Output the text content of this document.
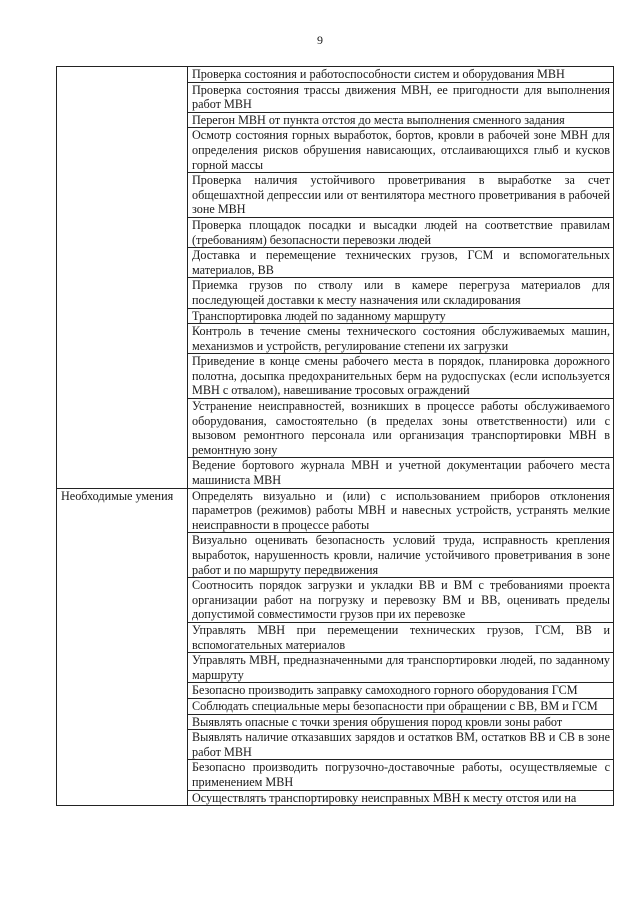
9
	Проверка состояния и работоспособности систем и оборудования МВН
	Проверка состояния трассы движения МВН, ее пригодности для выполнения работ МВН
	Перегон МВН от пункта отстоя до места выполнения сменного задания
	Осмотр состояния горных выработок, бортов, кровли в рабочей зоне МВН для определения рисков обрушения нависающих, отслаивающихся глыб и кусков горной массы
	Проверка наличия устойчивого проветривания в выработке за счет общешахтной депрессии или от вентилятора местного проветривания в рабочей зоне МВН
	Проверка площадок посадки и высадки людей на соответствие правилам (требованиям) безопасности перевозки людей
	Доставка и перемещение технических грузов, ГСМ и вспомогательных материалов, ВВ
	Приемка грузов по стволу или в камере перегруза материалов для последующей доставки к месту назначения или складирования
	Транспортировка людей по заданному маршруту
	Контроль в течение смены технического состояния обслуживаемых машин, механизмов и устройств, регулирование степени их загрузки
	Приведение в конце смены рабочего места в порядок, планировка дорожного полотна, досыпка предохранительных берм на рудоспусках (если используется МВН с отвалом), навешивание тросовых ограждений
	Устранение неисправностей, возникших в процессе работы обслуживаемого оборудования, самостоятельно (в пределах зоны ответственности) или с вызовом ремонтного персонала или организация транспортировки МВН в ремонтную зону
	Ведение бортового журнала МВН и учетной документации рабочего места машиниста МВН
Необходимые умения	Определять визуально и (или) с использованием приборов отклонения параметров (режимов) работы МВН и навесных устройств, устранять мелкие неисправности в процессе работы
	Визуально оценивать безопасность условий труда, исправность крепления выработок, нарушенность кровли, наличие устойчивого проветривания в зоне работ и по маршруту передвижения
	Соотносить порядок загрузки и укладки ВВ и ВМ с требованиями проекта организации работ на погрузку и перевозку ВМ и ВВ, оценивать пределы допустимой совместимости грузов при их перевозке
	Управлять МВН при перемещении технических грузов, ГСМ, ВВ и вспомогательных материалов
	Управлять МВН, предназначенными для транспортировки людей, по заданному маршруту
	Безопасно производить заправку самоходного горного оборудования ГСМ
	Соблюдать специальные меры безопасности при обращении с ВВ, ВМ и ГСМ
	Выявлять опасные с точки зрения обрушения пород кровли зоны работ
	Выявлять наличие отказавших зарядов и остатков ВМ, остатков ВВ и СВ в зоне работ МВН
	Безопасно производить погрузочно-доставочные работы, осуществляемые с применением МВН
	Осуществлять транспортировку неисправных МВН к месту отстоя или на
